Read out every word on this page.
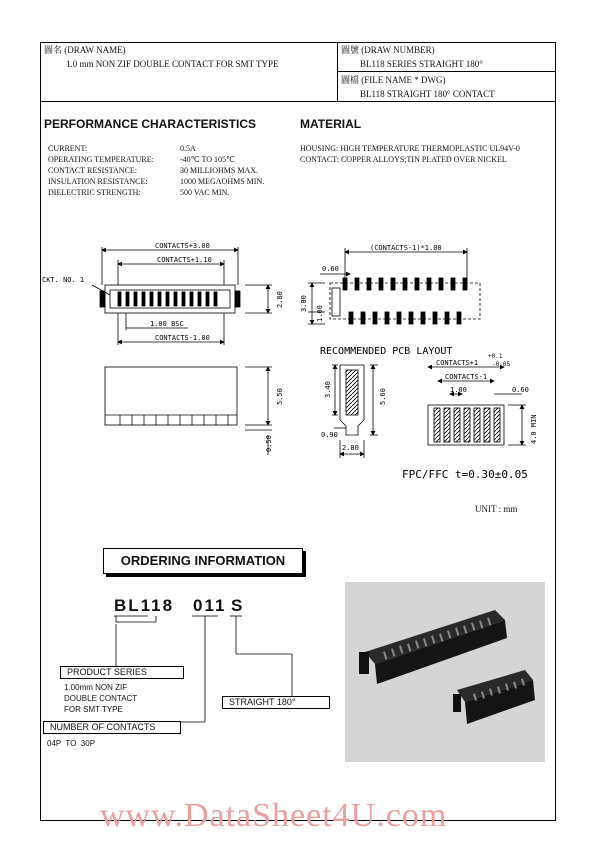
圖名 (DRAW NAME)
1.0 mm NON ZIF DOUBLE CONTACT FOR SMT TYPE
圖號 (DRAW NUMBER)
BL118 SERIES STRAIGHT 180°
圖檔 (FILE NAME * DWG)
BL118 STRAIGHT 180° CONTACT
PERFORMANCE CHARACTERISTICS
CURRENT:	0.5A
OPERATING TEMPERATURE:	-40℃ TO 105℃
CONTACT RESISTANCE:	30 MILLIOHMS MAX.
INSULATION RESISTANCE:	1000 MEGAOHMS MIN.
DIELECTRIC STRENGTH:	500 VAC MIN.
MATERIAL
HOUSING: HIGH TEMPERATURE THERMOPLASTIC UL94V-0
CONTACT: COPPER ALLOYS;TIN PLATED OVER NICKEL
CONTACTS+3.00
CONTACTS+1.10
CKT. NO. 1
2.80
1.00 BSC
CONTACTS-1.00
5.50
0.50
(CONTACTS-1)*1.00
0.60
3.00
1.00
RECOMMENDED PCB LAYOUT
3.40	5.60
0.90
2.80
CONTACTS+1
+0.1
-0.05
CONTACTS-1
1.00	0.60
4.0 MIN
FPC/FFC t=0.30±0.05
UNIT : mm
ORDERING INFORMATION
BL118 011 S
PRODUCT SERIES
1.00mm NON ZIF
DOUBLE CONTACT
FOR SMT TYPE
NUMBER OF CONTACTS
04P  TO  30P
STRAIGHT 180°
www.DataSheet4U.com
